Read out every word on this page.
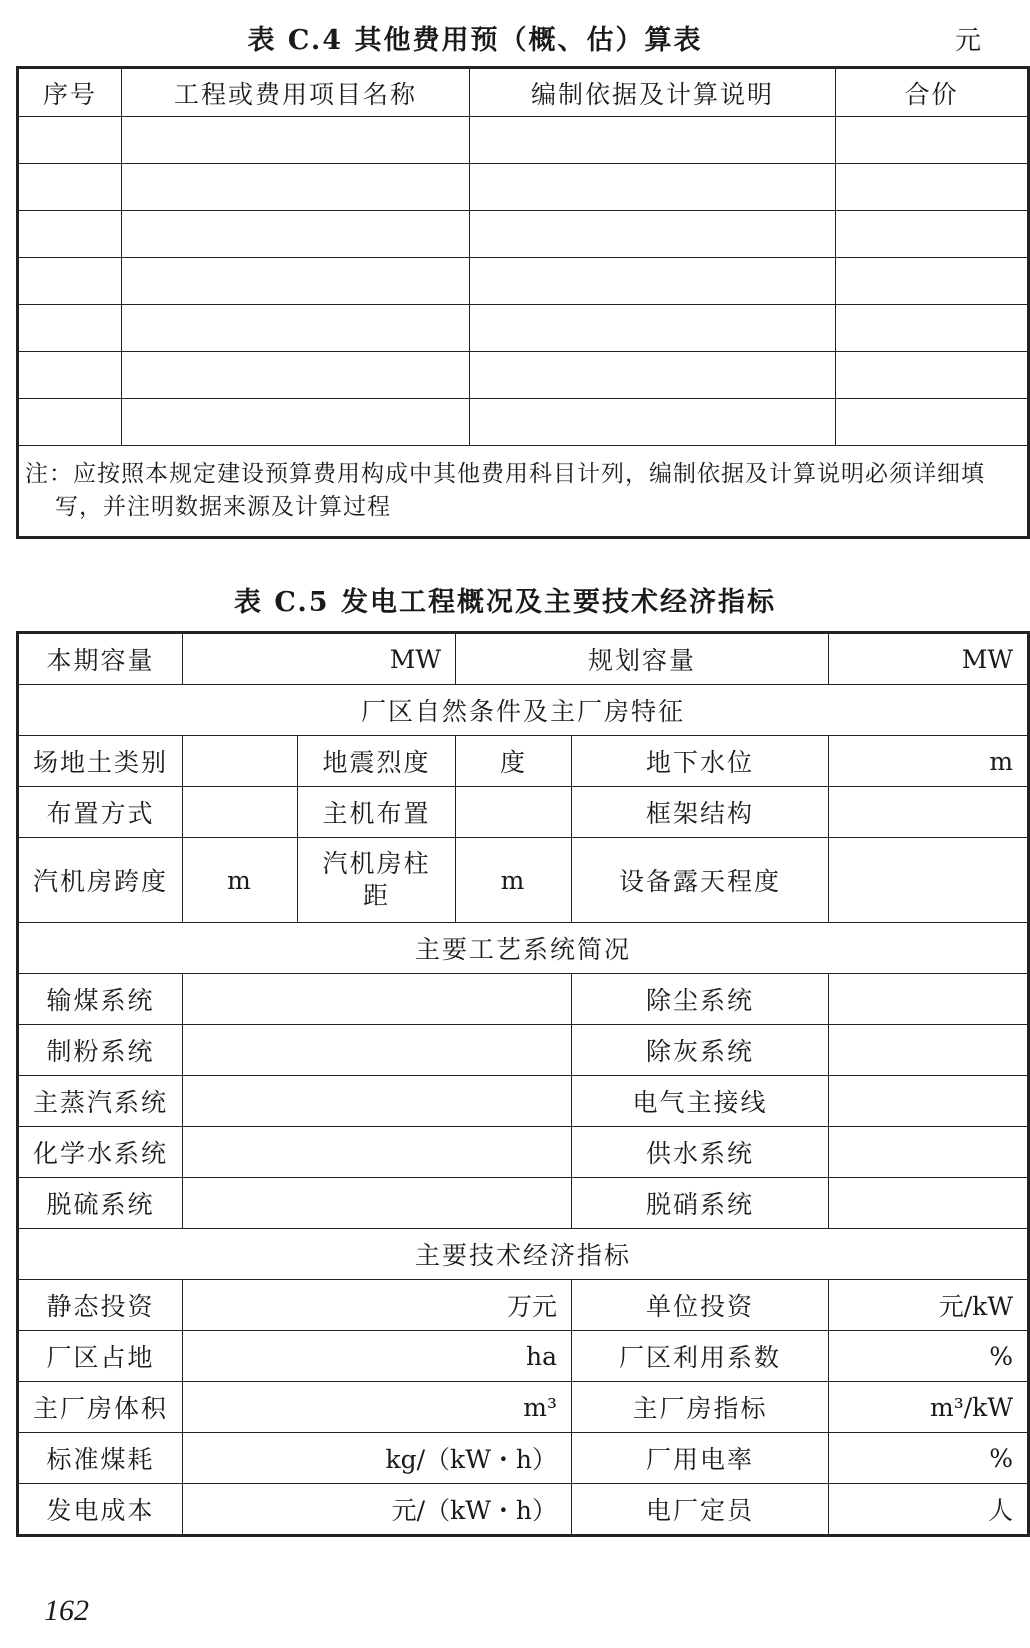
表 C.4 其他费用预（概、估）算表	元
序号	工程或费用项目名称	编制依据及计算说明	合价

注：应按照本规定建设预算费用构成中其他费用科目计列，编制依据及计算说明必须详细填写，并注明数据来源及计算过程			
表 C.5 发电工程概况及主要技术经济指标
本期容量	MW		规划容量		MW
厂区自然条件及主厂房特征					
场地土类别		地震烈度	度	地下水位	m
布置方式		主机布置		框架结构	
汽机房跨度	m	汽机房柱距	m	设备露天程度	
主要工艺系统简况					
输煤系统				除尘系统	
制粉系统				除灰系统	
主蒸汽系统				电气主接线	
化学水系统				供水系统	
脱硫系统				脱硝系统	
主要技术经济指标					
静态投资	万元			单位投资	元/kW
厂区占地	ha			厂区利用系数	%
主厂房体积	m³			主厂房指标	m³/kW
标准煤耗	kg/（kW・h）			厂用电率	%
发电成本	元/（kW・h）			电厂定员	人
162
